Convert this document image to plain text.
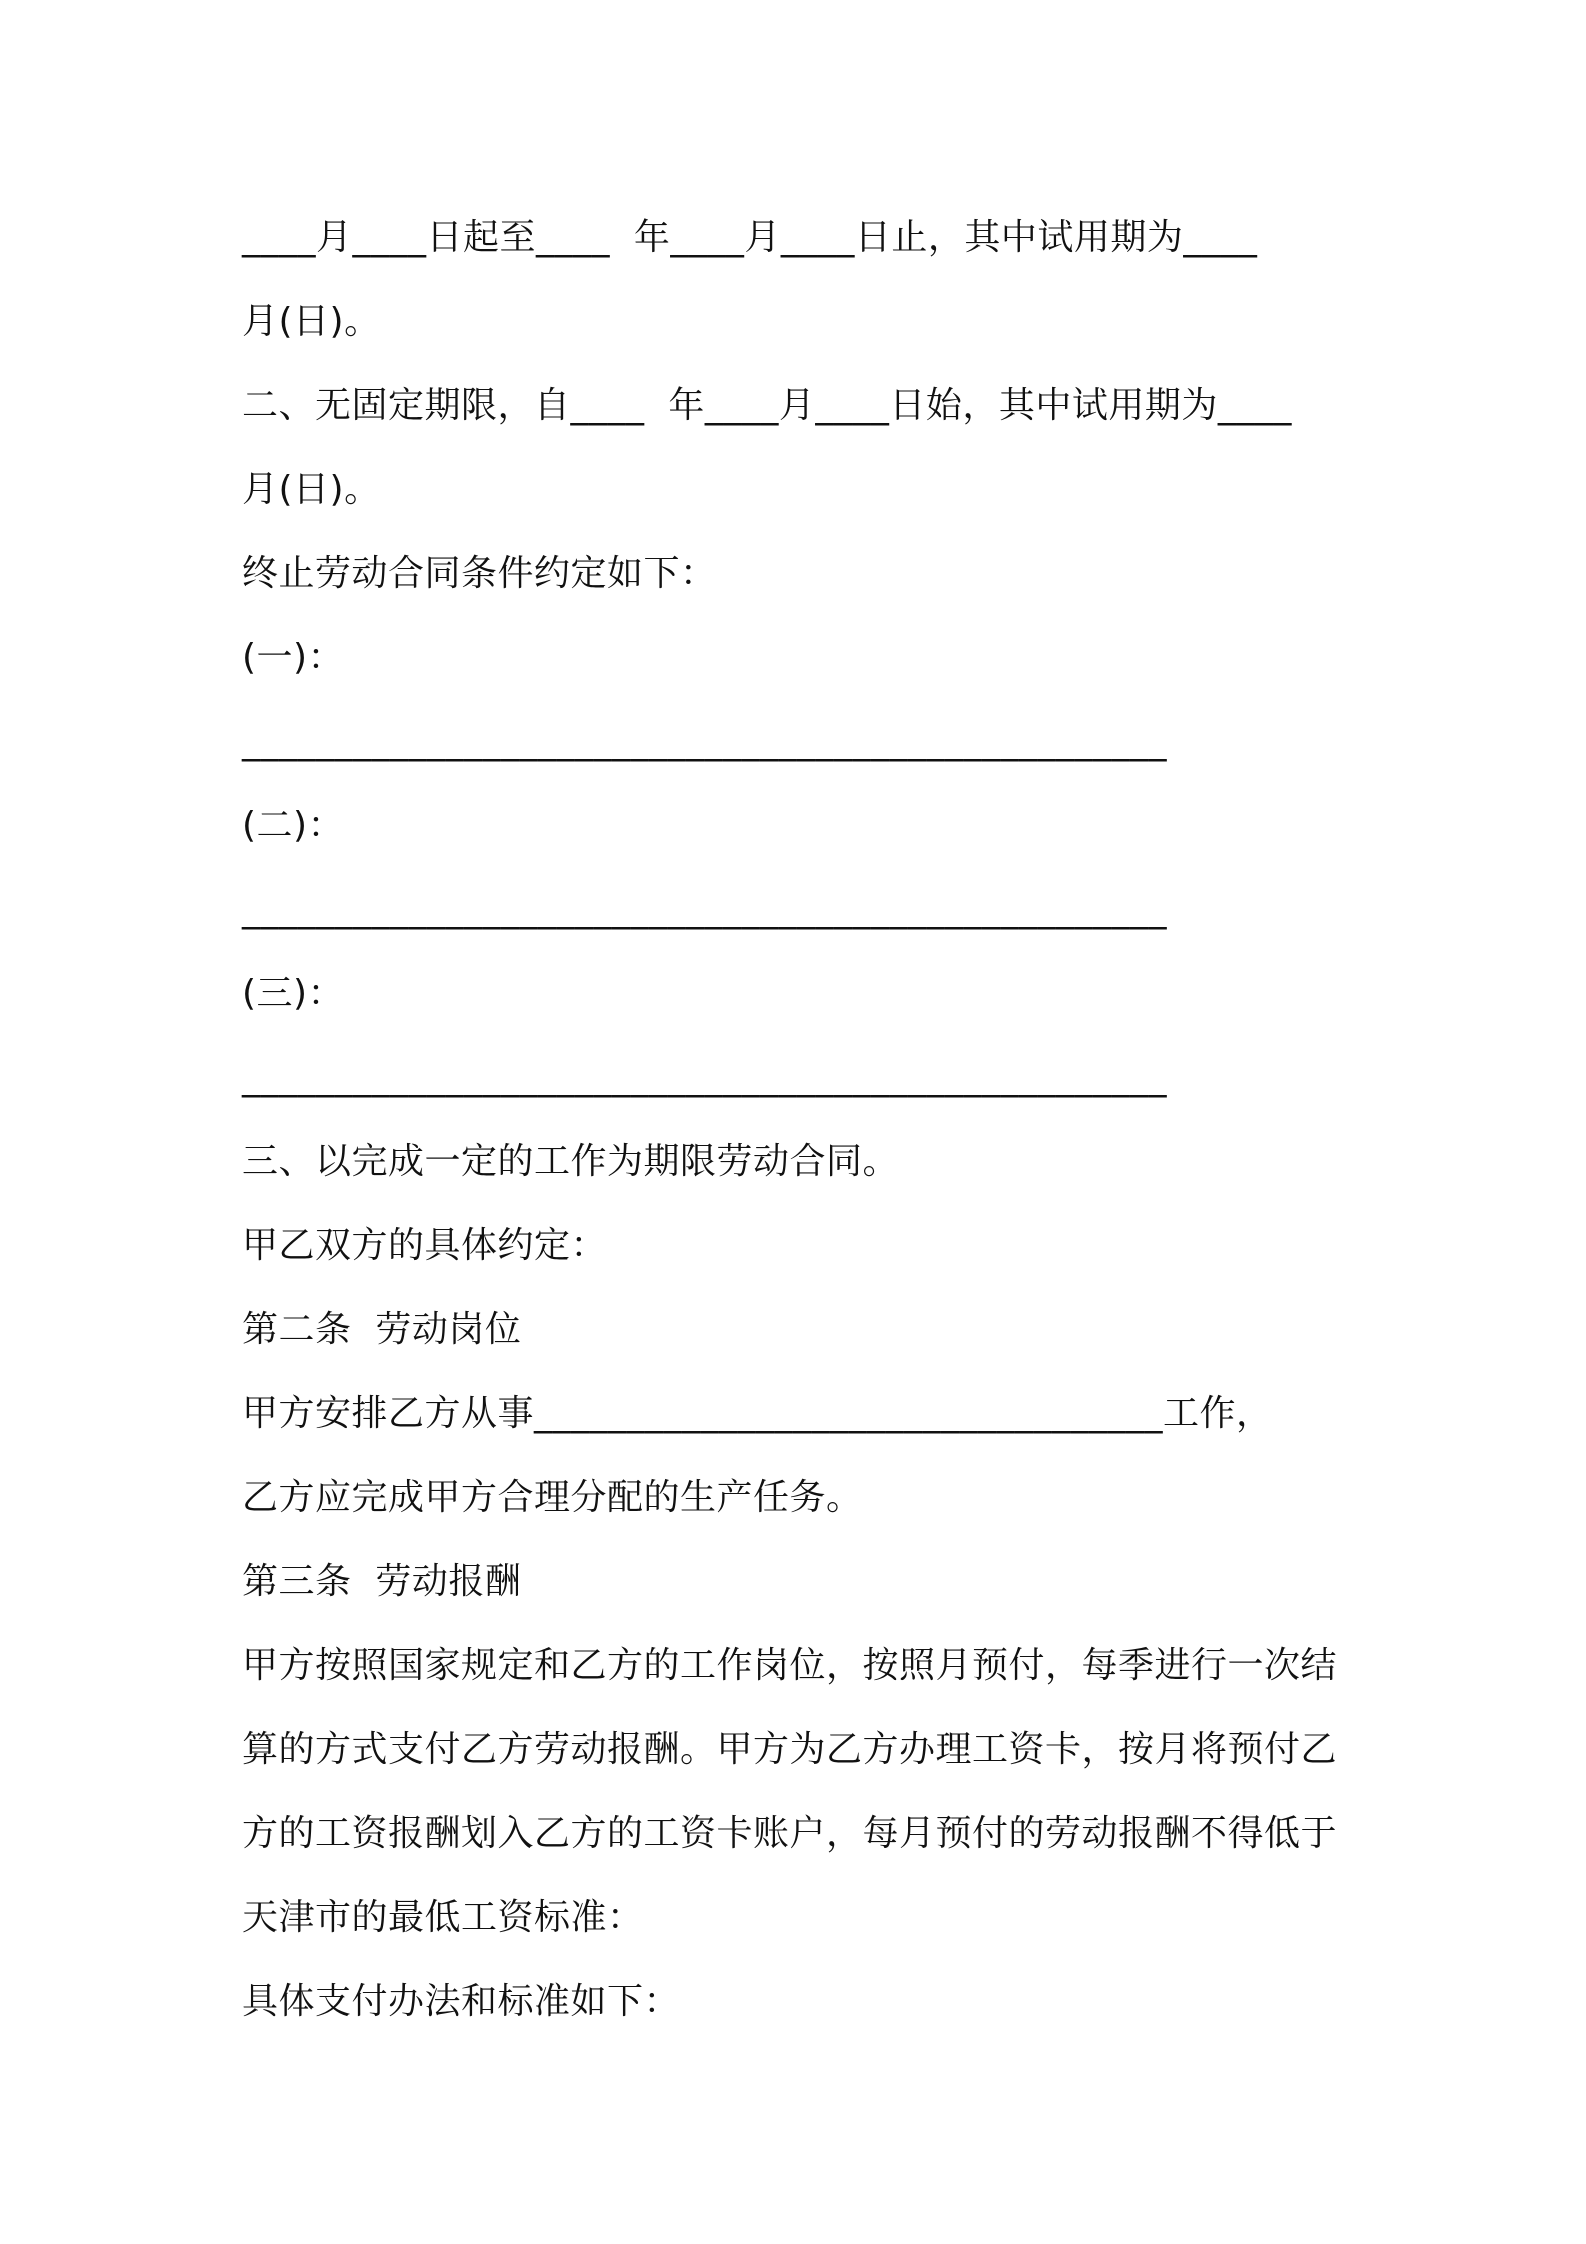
____月____日起至____  年____月____日止，其中试用期为____
月(日)。
二、无固定期限，自____  年____月____日始，其中试用期为____
月(日)。
终止劳动合同条件约定如下：
(一)：
__________________________________________________
(二)：
__________________________________________________
(三)：
__________________________________________________
三、以完成一定的工作为期限劳动合同。
甲乙双方的具体约定：
第二条  劳动岗位
甲方安排乙方从事__________________________________工作，
乙方应完成甲方合理分配的生产任务。
第三条  劳动报酬
甲方按照国家规定和乙方的工作岗位，按照月预付，每季进行一次结
算的方式支付乙方劳动报酬。甲方为乙方办理工资卡，按月将预付乙
方的工资报酬划入乙方的工资卡账户，每月预付的劳动报酬不得低于
天津市的最低工资标准：
具体支付办法和标准如下：
